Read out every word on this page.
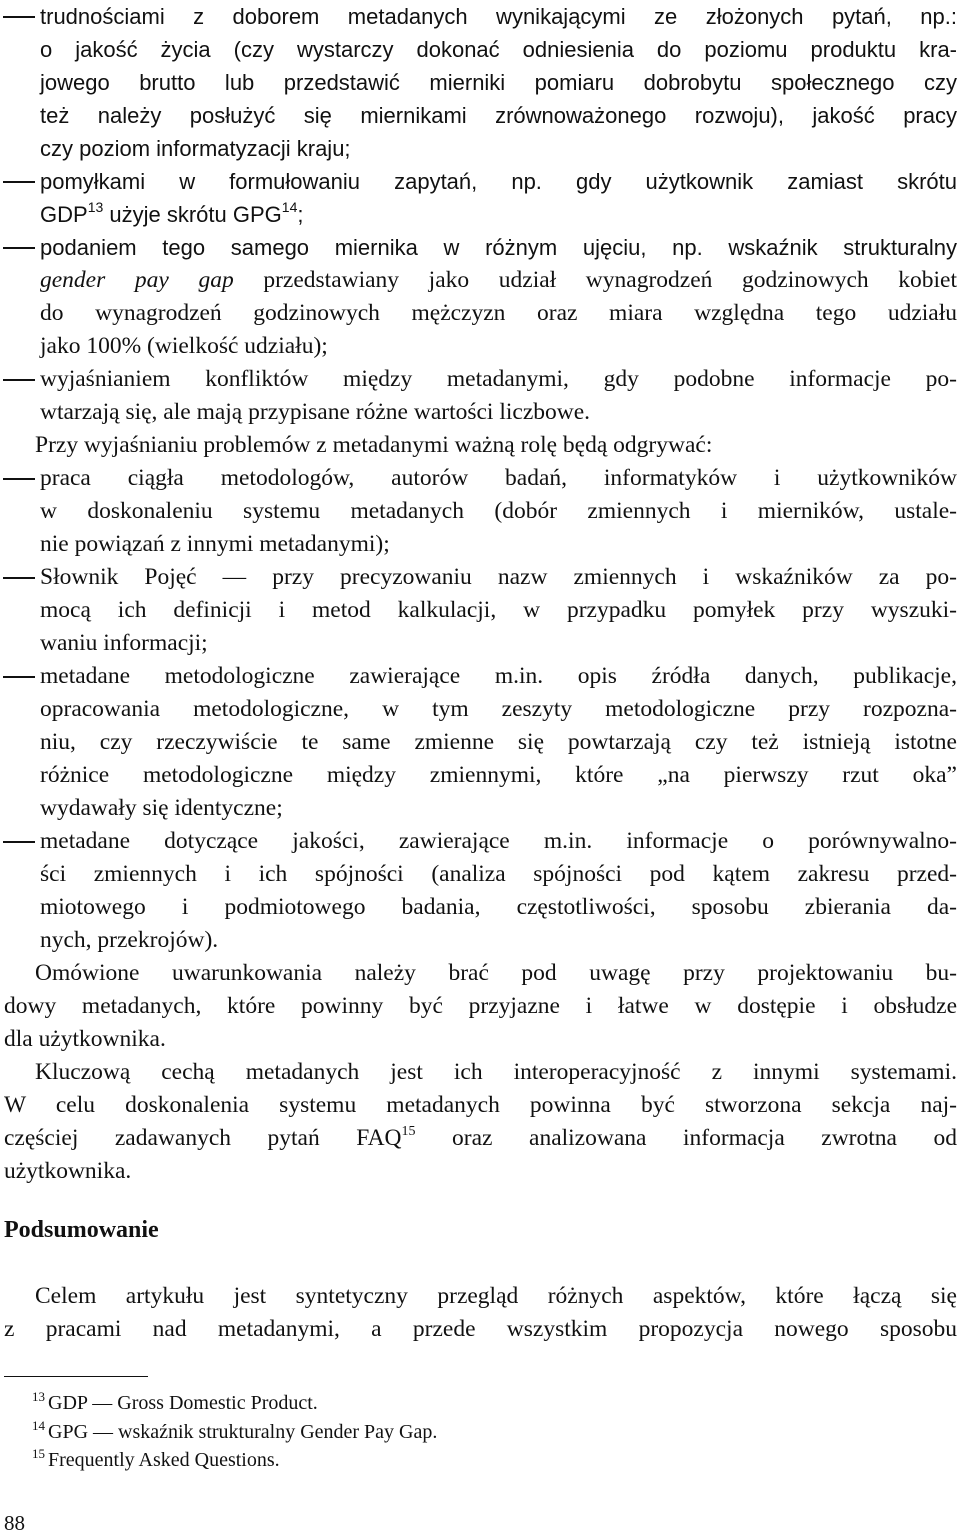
trudnościami z doborem metadanych wynikającymi ze złożonych pytań, np.:
o jakość życia (czy wystarczy dokonać odniesienia do poziomu produktu kra-
jowego brutto lub przedstawić mierniki pomiaru dobrobytu społecznego czy
też należy posłużyć się miernikami zrównoważonego rozwoju), jakość pracy
czy poziom informatyzacji kraju;
pomyłkami w formułowaniu zapytań, np. gdy użytkownik zamiast skrótu
GDP$^{13}$ użyje skrótu GPG$^{14}$;
podaniem tego samego miernika w różnym ujęciu, np. wskaźnik strukturalny
gender pay gap przedstawiany jako udział wynagrodzeń godzinowych kobiet
do wynagrodzeń godzinowych mężczyzn oraz miara względna tego udziału
jako 100% (wielkość udziału);
wyjaśnianiem konfliktów między metadanymi, gdy podobne informacje po-
wtarzają się, ale mają przypisane różne wartości liczbowe.
Przy wyjaśnianiu problemów z metadanymi ważną rolę będą odgrywać:
praca ciągła metodologów, autorów badań, informatyków i użytkowników
w doskonaleniu systemu metadanych (dobór zmiennych i mierników, ustale-
nie powiązań z innymi metadanymi);
Słownik Pojęć — przy precyzowaniu nazw zmiennych i wskaźników za po-
mocą ich definicji i metod kalkulacji, w przypadku pomyłek przy wyszuki-
waniu informacji;
metadane metodologiczne zawierające m.in. opis źródła danych, publikacje,
opracowania metodologiczne, w tym zeszyty metodologiczne przy rozpozna-
niu, czy rzeczywiście te same zmienne się powtarzają czy też istnieją istotne
różnice metodologiczne między zmiennymi, które „na pierwszy rzut oka”
wydawały się identyczne;
metadane dotyczące jakości, zawierające m.in. informacje o porównywalno-
ści zmiennych i ich spójności (analiza spójności pod kątem zakresu przed-
miotowego i podmiotowego badania, częstotliwości, sposobu zbierania da-
nych, przekrojów).
Omówione uwarunkowania należy brać pod uwagę przy projektowaniu bu-
dowy metadanych, które powinny być przyjazne i łatwe w dostępie i obsłudze
dla użytkownika.
Kluczową cechą metadanych jest ich interoperacyjność z innymi systemami.
W celu doskonalenia systemu metadanych powinna być stworzona sekcja naj-
częściej zadawanych pytań FAQ$^{15}$ oraz analizowana informacja zwrotna od
użytkownika.
Podsumowanie
Celem artykułu jest syntetyczny przegląd różnych aspektów, które łączą się
z pracami nad metadanymi, a przede wszystkim propozycja nowego sposobu
$^{13}$ GDP — Gross Domestic Product.
$^{14}$ GPG — wskaźnik strukturalny Gender Pay Gap.
$^{15}$ Frequently Asked Questions.
88
